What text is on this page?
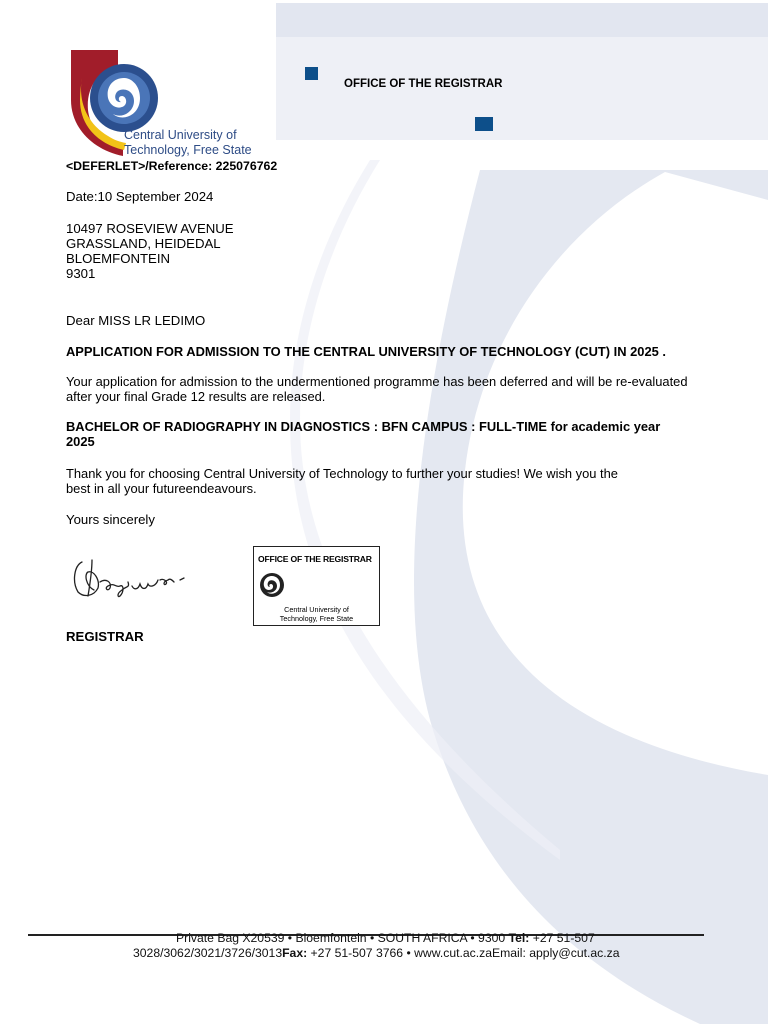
Central University of
Technology, Free State
OFFICE OF THE REGISTRAR
<DEFERLET>/Reference: 225076762
Date:10 September 2024
10497 ROSEVIEW AVENUE
GRASSLAND, HEIDEDAL
BLOEMFONTEIN
9301
Dear MISS LR LEDIMO
APPLICATION FOR ADMISSION TO THE CENTRAL UNIVERSITY OF TECHNOLOGY (CUT) IN 2025 .
Your application for admission to the undermentioned programme has been deferred and will be re-evaluated
after your final Grade 12 results are released.
BACHELOR OF RADIOGRAPHY IN DIAGNOSTICS : BFN CAMPUS : FULL-TIME for academic year
2025
Thank you for choosing Central University of Technology to further your studies! We wish you the
best in all your futureendeavours.
Yours sincerely
OFFICE OF THE REGISTRAR
Central University of
Technology, Free State
REGISTRAR
Private Bag X20539 • Bloemfontein • SOUTH AFRICA • 9300 Tel: +27 51-507
3028/3062/3021/3726/3013Fax: +27 51-507 3766 • www.cut.ac.zaEmail: apply@cut.ac.za
